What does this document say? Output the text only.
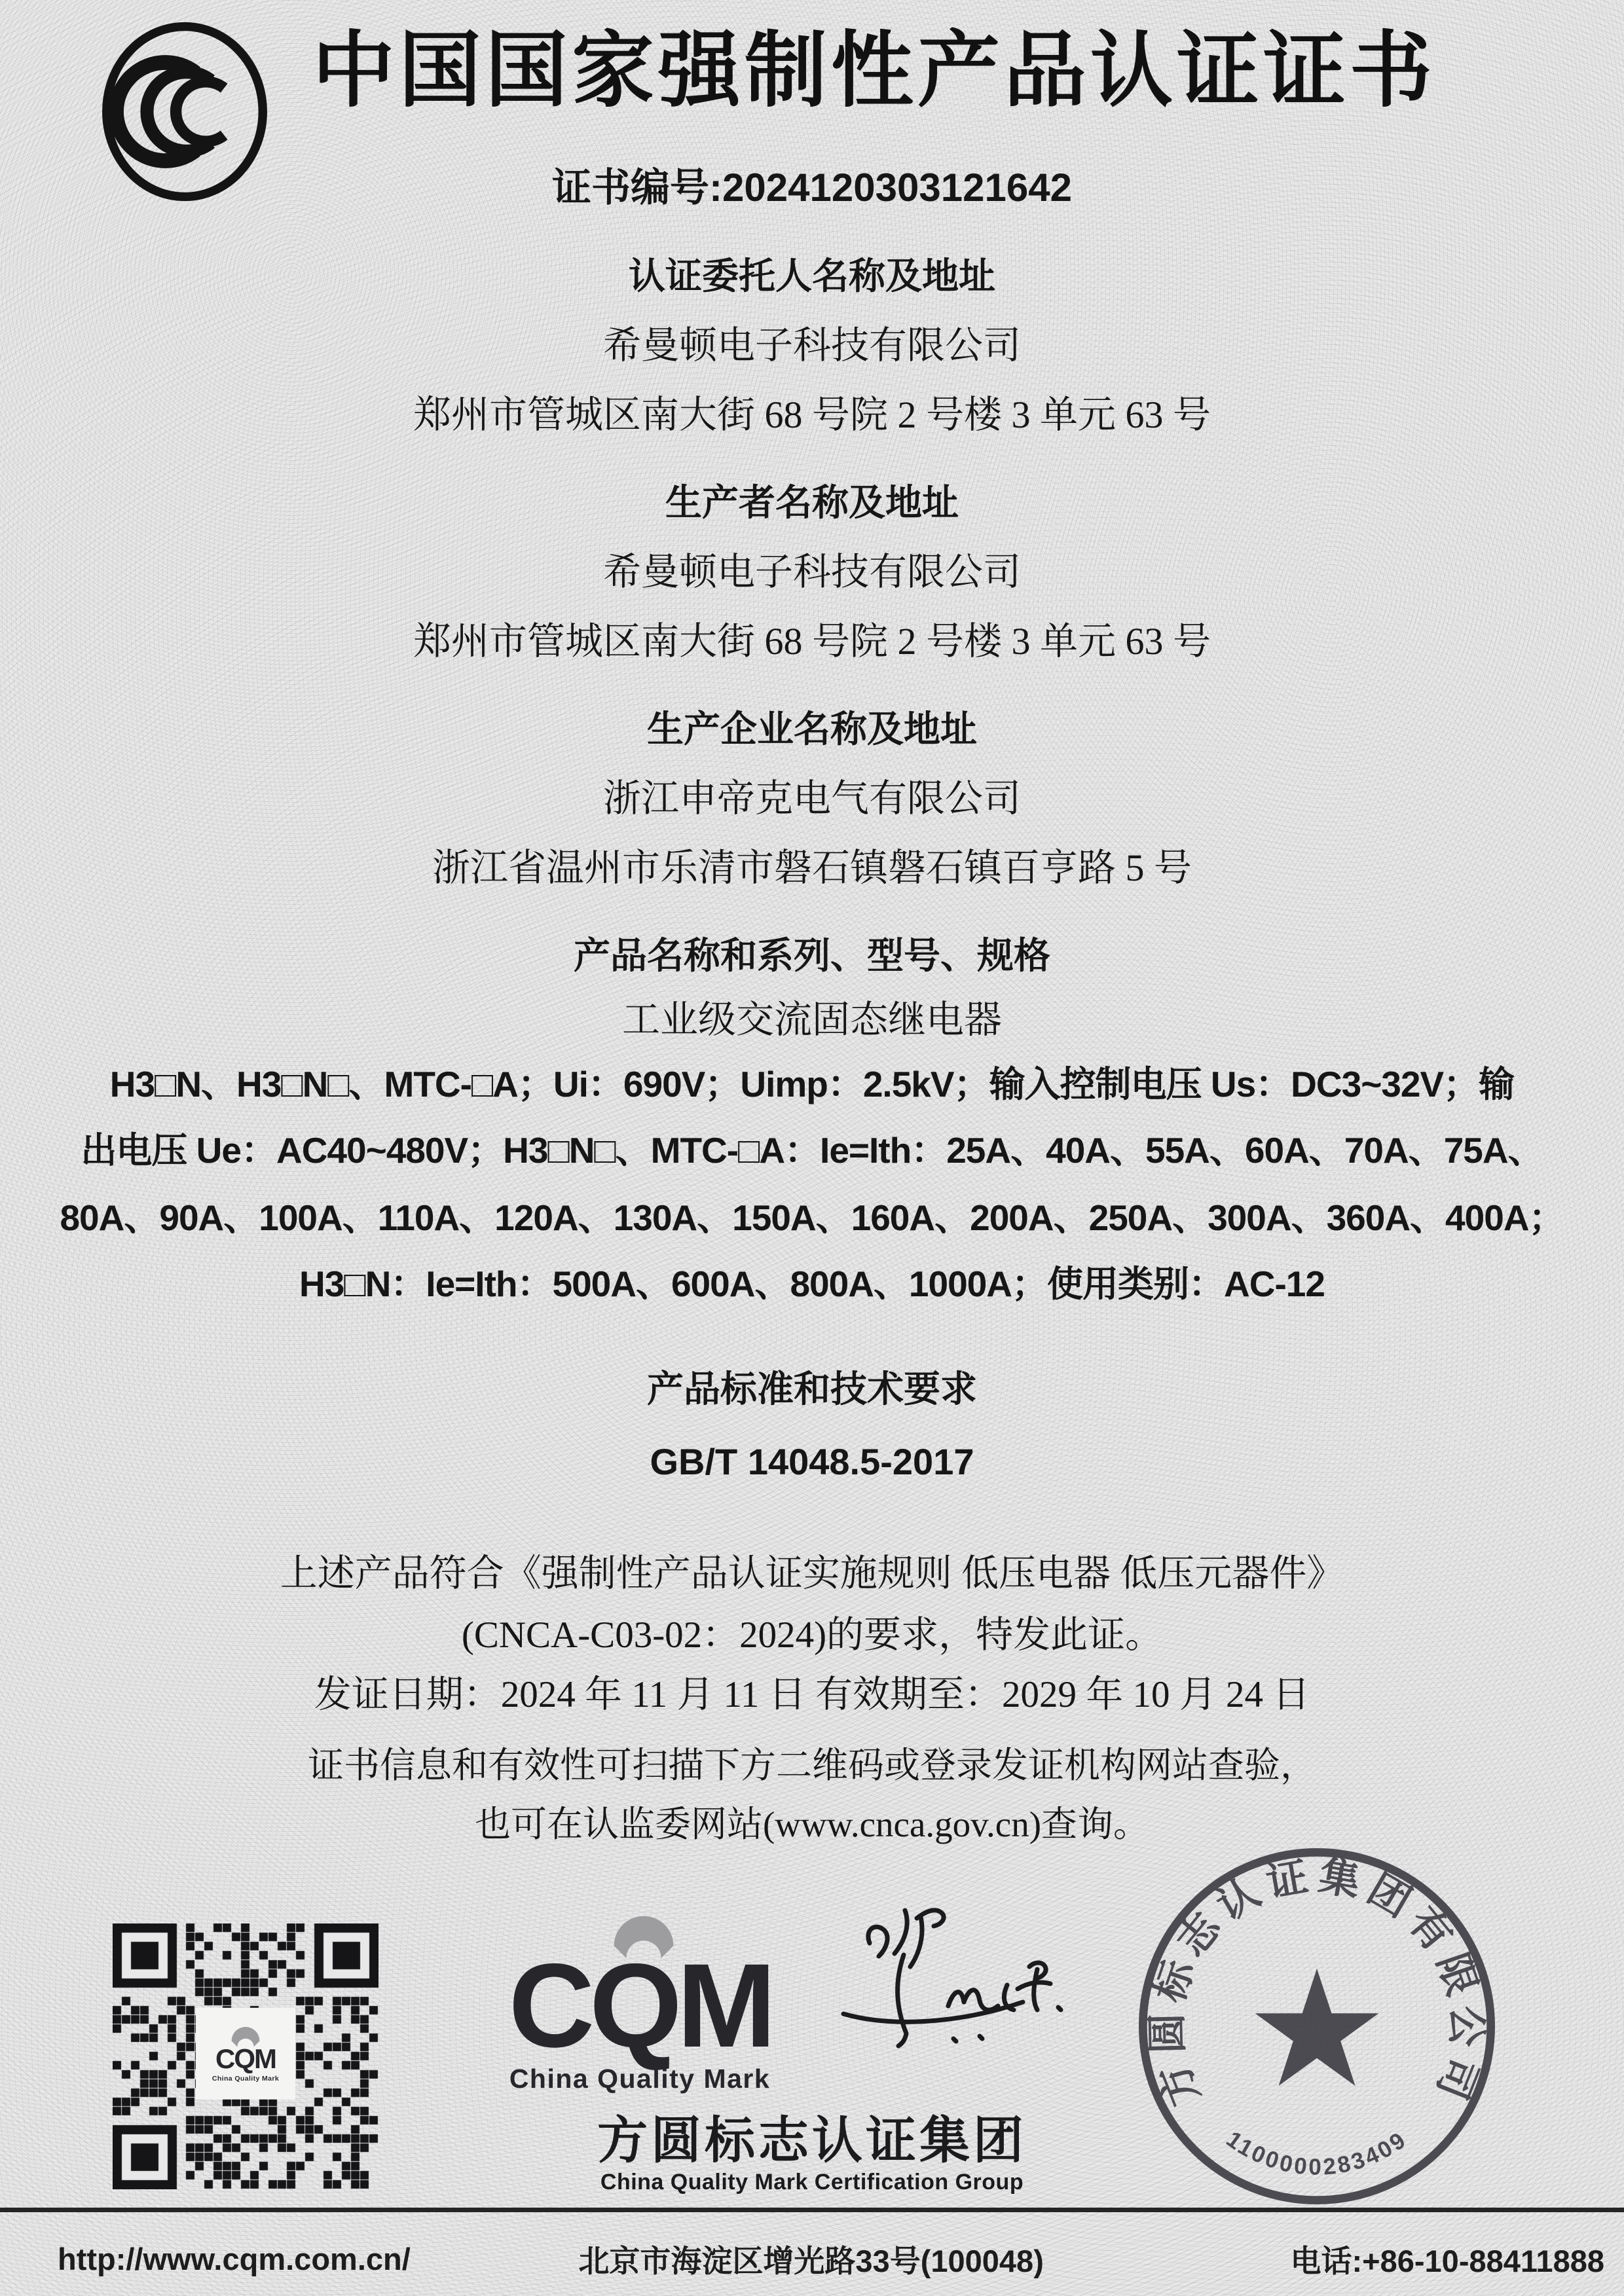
中国国家强制性产品认证证书
证书编号:2024120303121642
认证委托人名称及地址
希曼顿电子科技有限公司
郑州市管城区南大街 68 号院 2 号楼 3 单元 63 号
生产者名称及地址
希曼顿电子科技有限公司
郑州市管城区南大街 68 号院 2 号楼 3 单元 63 号
生产企业名称及地址
浙江申帝克电气有限公司
浙江省温州市乐清市磐石镇磐石镇百亨路 5 号
产品名称和系列、型号、规格
工业级交流固态继电器
H3□N、H3□N□、MTC-□A；Ui：690V；Uimp：2.5kV；输入控制电压 Us：DC3~32V；输
出电压 Ue：AC40~480V；H3□N□、MTC-□A：Ie=Ith：25A、40A、55A、60A、70A、75A、
80A、90A、100A、110A、120A、130A、150A、160A、200A、250A、300A、360A、400A；
H3□N：Ie=Ith：500A、600A、800A、1000A；使用类别：AC-12
产品标准和技术要求
GB/T 14048.5-2017
上述产品符合《强制性产品认证实施规则 低压电器 低压元器件》
(CNCA-C03-02：2024)的要求，特发此证。
发证日期：2024 年 11 月 11 日 有效期至：2029 年 10 月 24 日
证书信息和有效性可扫描下方二维码或登录发证机构网站查验，
也可在认监委网站(www.cnca.gov.cn)查询。
CQM
China Quality Mark
CQM
China Quality Mark
方圆标志认证集团
China Quality Mark Certification Group
★
方圆标志认证集团有限公司
1100000283409
http://www.cqm.com.cn/	北京市海淀区增光路33号(100048)	电话:+86-10-88411888
